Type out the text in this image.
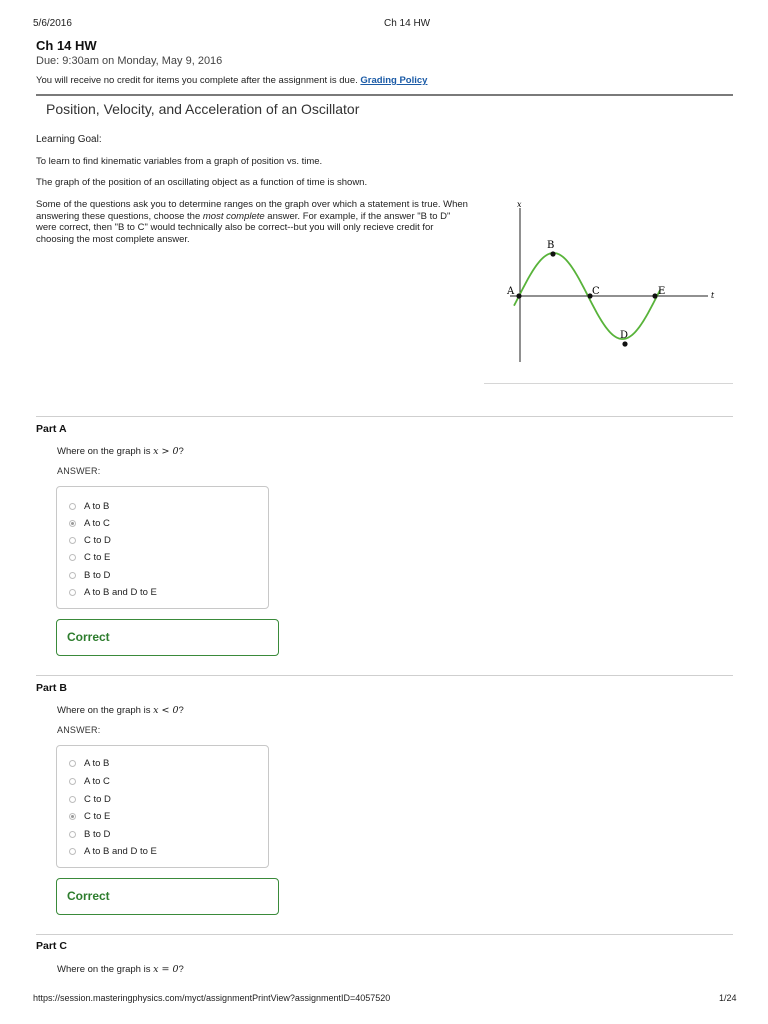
5/6/2016	Ch 14 HW
Ch 14 HW
Due: 9:30am on Monday, May 9, 2016
You will receive no credit for items you complete after the assignment is due. Grading Policy
Position, Velocity, and Acceleration of an Oscillator
Learning Goal:
To learn to find kinematic variables from a graph of position vs. time.
The graph of the position of an oscillating object as a function of time is shown.
Some of the questions ask you to determine ranges on the graph over which a statement is true. When answering these questions, choose the most complete answer. For example, if the answer "B to D" were correct, then "B to C" would technically also be correct--but you will only recieve credit for choosing the most complete answer.
x
t
A
B
C
D
E
Part A
Where on the graph is x > 0?
ANSWER:
A to B
A to C
C to D
C to E
B to D
A to B and D to E
Correct
Part B
Where on the graph is x < 0?
ANSWER:
A to B
A to C
C to D
C to E
B to D
A to B and D to E
Correct
Part C
Where on the graph is x = 0?
https://session.masteringphysics.com/myct/assignmentPrintView?assignmentID=4057520	1/24
